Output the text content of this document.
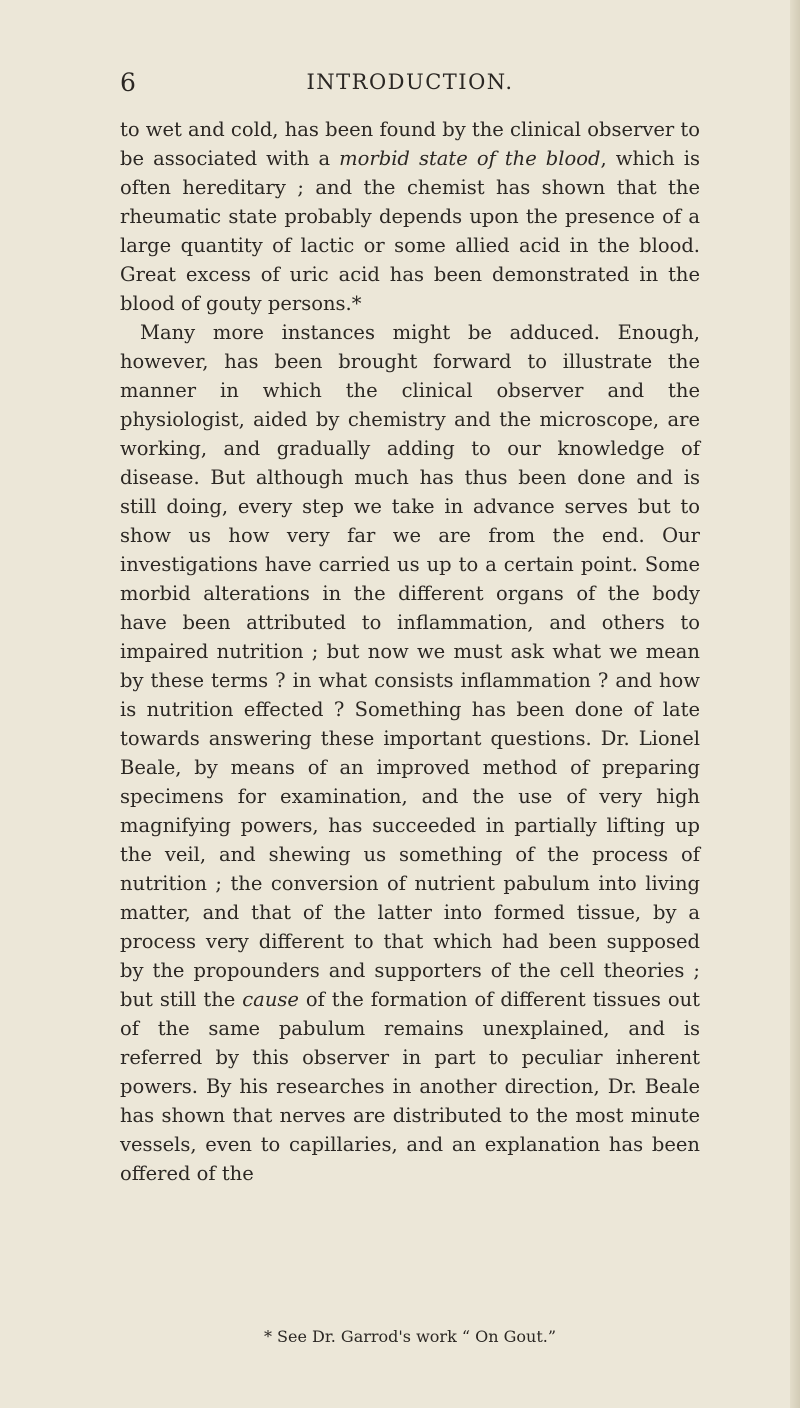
6	INTRODUCTION.

to wet and cold, has been found by the clinical observer to be associated with a morbid state of the blood, which is often hereditary ; and the chemist has shown that the rheumatic state probably depends upon the presence of a large quantity of lactic or some allied acid in the blood. Great excess of uric acid has been demonstrated in the blood of gouty persons.*

Many more instances might be adduced. Enough, however, has been brought forward to illustrate the manner in which the clinical observer and the physiologist, aided by chemistry and the microscope, are working, and gradually adding to our knowledge of disease. But although much has thus been done and is still doing, every step we take in advance serves but to show us how very far we are from the end. Our investigations have carried us up to a certain point. Some morbid alterations in the different organs of the body have been attributed to inflammation, and others to impaired nutrition ; but now we must ask what we mean by these terms ? in what consists inflammation ? and how is nutrition effected ? Something has been done of late towards answering these important questions. Dr. Lionel Beale, by means of an improved method of preparing specimens for examination, and the use of very high magnifying powers, has succeeded in partially lifting up the veil, and shewing us something of the process of nutrition ; the conversion of nutrient pabulum into living matter, and that of the latter into formed tissue, by a process very different to that which had been supposed by the propounders and supporters of the cell theories ; but still the cause of the formation of different tissues out of the same pabulum remains unexplained, and is referred by this observer in part to peculiar inherent powers. By his researches in another direction, Dr. Beale has shown that nerves are distributed to the most minute vessels, even to capillaries, and an explanation has been offered of the

* See Dr. Garrod's work “ On Gout.”
